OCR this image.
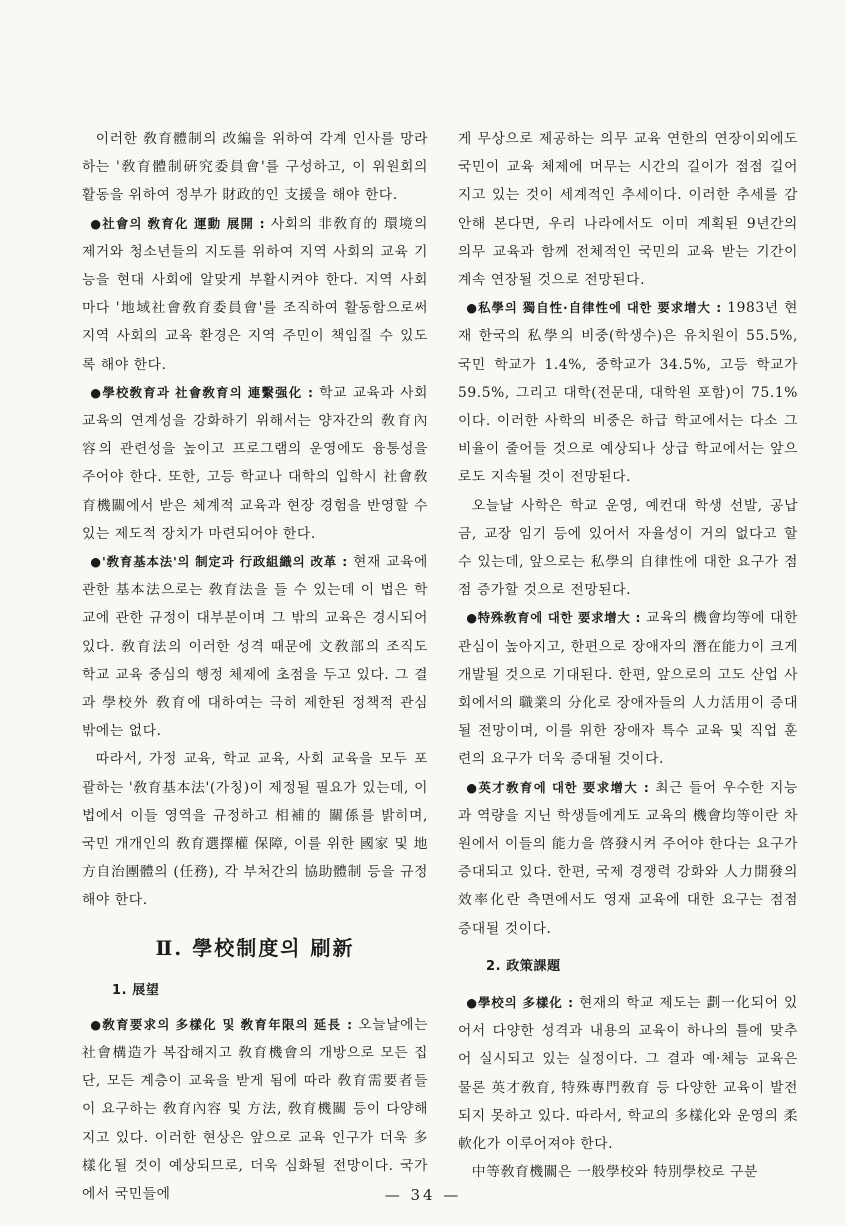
이러한 敎育體制의 改編을 위하여 각계 인사를 망라하는 '敎育體制硏究委員會'를 구성하고, 이 위원회의 활동을 위하여 정부가 財政的인 支援을 해야 한다.

●社會의 敎育化 運動 展開 : 사회의 非敎育的 環境의 제거와 청소년들의 지도를 위하여 지역 사회의 교육 기능을 현대 사회에 알맞게 부활시켜야 한다. 지역 사회마다 '地域社會敎育委員會'를 조직하여 활동함으로써 지역 사회의 교육 환경은 지역 주민이 책임질 수 있도록 해야 한다.

●學校敎育과 社會敎育의 連繫强化 : 학교 교육과 사회 교육의 연계성을 강화하기 위해서는 양자간의 敎育內容의 관련성을 높이고 프로그램의 운영에도 융통성을 주어야 한다. 또한, 고등 학교나 대학의 입학시 社會敎育機關에서 받은 체계적 교육과 현장 경험을 반영할 수 있는 제도적 장치가 마련되어야 한다.

●'敎育基本法'의 制定과 行政組織의 改革 : 현재 교육에 관한 基本法으로는 敎育法을 들 수 있는데 이 법은 학교에 관한 규정이 대부분이며 그 밖의 교육은 경시되어 있다. 敎育法의 이러한 성격 때문에 文敎部의 조직도 학교 교육 중심의 행정 체제에 초점을 두고 있다. 그 결과 學校外 敎育에 대하여는 극히 제한된 정책적 관심 밖에는 없다.

따라서, 가정 교육, 학교 교육, 사회 교육을 모두 포괄하는 '敎育基本法'(가칭)이 제정될 필요가 있는데, 이 법에서 이들 영역을 규정하고 相補的 關係를 밝히며, 국민 개개인의 敎育選擇權 保障, 이를 위한 國家 및 地方自治團體의 (任務), 각 부처간의 協助體制 등을 규정해야 한다.

Ⅱ. 學校制度의 刷新
1. 展望

●敎育要求의 多樣化 및 敎育年限의 延長 : 오늘날에는 社會構造가 복잡해지고 敎育機會의 개방으로 모든 집단, 모든 계층이 교육을 받게 됨에 따라 敎育需要者들이 요구하는 敎育內容 및 方法, 敎育機關 등이 다양해지고 있다. 이러한 현상은 앞으로 교육 인구가 더욱 多樣化될 것이 예상되므로, 더욱 심화될 전망이다. 국가에서 국민들에

게 무상으로 제공하는 의무 교육 연한의 연장이외에도 국민이 교육 체제에 머무는 시간의 길이가 점점 길어지고 있는 것이 세계적인 추세이다. 이러한 추세를 감안해 본다면, 우리 나라에서도 이미 계획된 9년간의 의무 교육과 함께 전체적인 국민의 교육 받는 기간이 계속 연장될 것으로 전망된다.

●私學의 獨自性·自律性에 대한 要求增大 : 1983년 현재 한국의 私學의 비중(학생수)은 유치원이 55.5%, 국민 학교가 1.4%, 중학교가 34.5%, 고등 학교가 59.5%, 그리고 대학(전문대, 대학원 포함)이 75.1%이다. 이러한 사학의 비중은 하급 학교에서는 다소 그 비율이 줄어들 것으로 예상되나 상급 학교에서는 앞으로도 지속될 것이 전망된다.

오늘날 사학은 학교 운영, 예컨대 학생 선발, 공납금, 교장 임기 등에 있어서 자율성이 거의 없다고 할 수 있는데, 앞으로는 私學의 自律性에 대한 요구가 점점 증가할 것으로 전망된다.

●特殊敎育에 대한 要求增大 : 교육의 機會均等에 대한 관심이 높아지고, 한편으로 장애자의 潛在能力이 크게 개발될 것으로 기대된다. 한편, 앞으로의 고도 산업 사회에서의 職業의 分化로 장애자들의 人力活用이 증대될 전망이며, 이를 위한 장애자 특수 교육 및 직업 훈련의 요구가 더욱 증대될 것이다.

●英才敎育에 대한 要求增大 : 최근 들어 우수한 지능과 역량을 지닌 학생들에게도 교육의 機會均等이란 차원에서 이들의 能力을 啓發시켜 주어야 한다는 요구가 증대되고 있다. 한편, 국제 경쟁력 강화와 人力開發의 效率化란 측면에서도 영재 교육에 대한 요구는 점점 증대될 것이다.

2. 政策課題

●學校의 多樣化 : 현재의 학교 제도는 劃一化되어 있어서 다양한 성격과 내용의 교육이 하나의 틀에 맞추어 실시되고 있는 실정이다. 그 결과 예·체능 교육은 물론 英才敎育, 特殊專門敎育 등 다양한 교육이 발전되지 못하고 있다. 따라서, 학교의 多樣化와 운영의 柔軟化가 이루어져야 한다.

中等敎育機關은 一般學校와 特別學校로 구분

— 34 —
